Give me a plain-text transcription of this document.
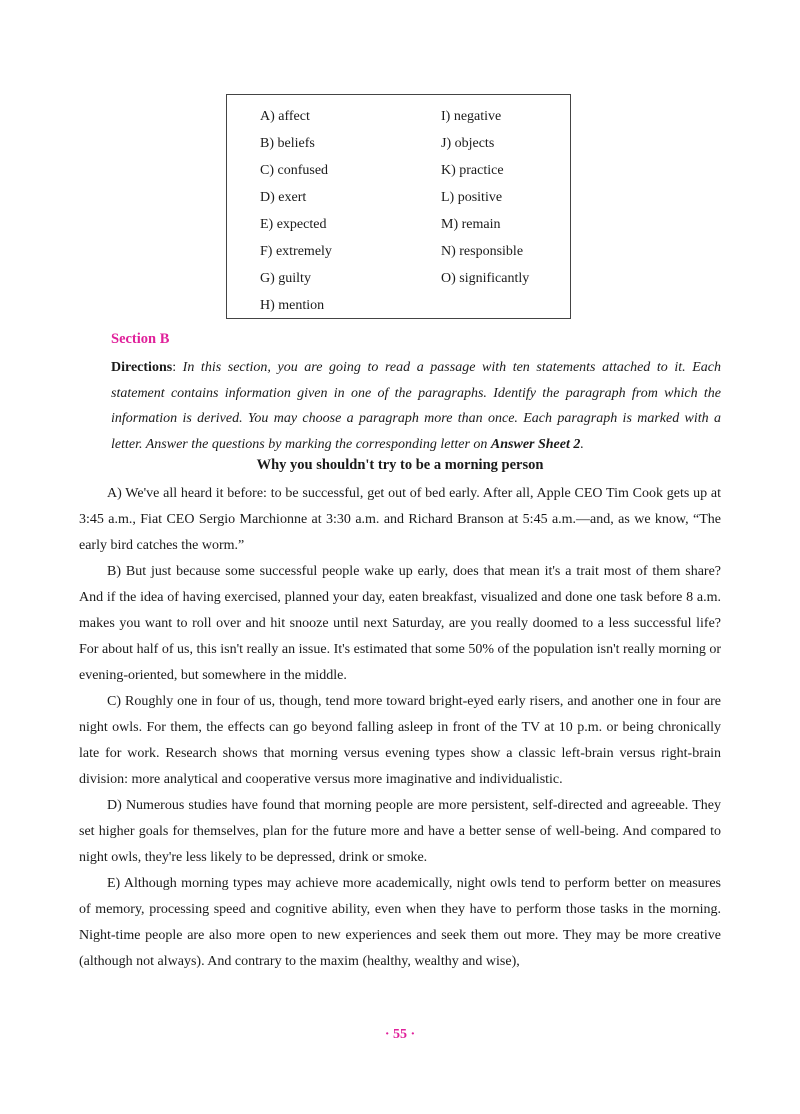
A) affect
B) beliefs
C) confused
D) exert
E) expected
F) extremely
G) guilty
H) mention
I) negative
J) objects
K) practice
L) positive
M) remain
N) responsible
O) significantly
Section B
Directions: In this section, you are going to read a passage with ten statements attached to it. Each statement contains information given in one of the paragraphs. Identify the paragraph from which the information is derived. You may choose a paragraph more than once. Each paragraph is marked with a letter. Answer the questions by marking the corresponding letter on Answer Sheet 2.
Why you shouldn't try to be a morning person

A) We've all heard it before: to be successful, get out of bed early. After all, Apple CEO Tim Cook gets up at 3:45 a.m., Fiat CEO Sergio Marchionne at 3:30 a.m. and Richard Branson at 5:45 a.m.—and, as we know, “The early bird catches the worm.”

B) But just because some successful people wake up early, does that mean it's a trait most of them share? And if the idea of having exercised, planned your day, eaten breakfast, visualized and done one task before 8 a.m. makes you want to roll over and hit snooze until next Saturday, are you really doomed to a less successful life? For about half of us, this isn't really an issue. It's estimated that some 50% of the population isn't really morning or evening-oriented, but somewhere in the middle.

C) Roughly one in four of us, though, tend more toward bright-eyed early risers, and another one in four are night owls. For them, the effects can go beyond falling asleep in front of the TV at 10 p.m. or being chronically late for work. Research shows that morning versus evening types show a classic left-brain versus right-brain division: more analytical and cooperative versus more imaginative and individualistic.

D) Numerous studies have found that morning people are more persistent, self-directed and agreeable. They set higher goals for themselves, plan for the future more and have a better sense of well-being. And compared to night owls, they're less likely to be depressed, drink or smoke.

E) Although morning types may achieve more academically, night owls tend to perform better on measures of memory, processing speed and cognitive ability, even when they have to perform those tasks in the morning. Night-time people are also more open to new experiences and seek them out more. They may be more creative (although not always). And contrary to the maxim (healthy, wealthy and wise),

· 55 ·
